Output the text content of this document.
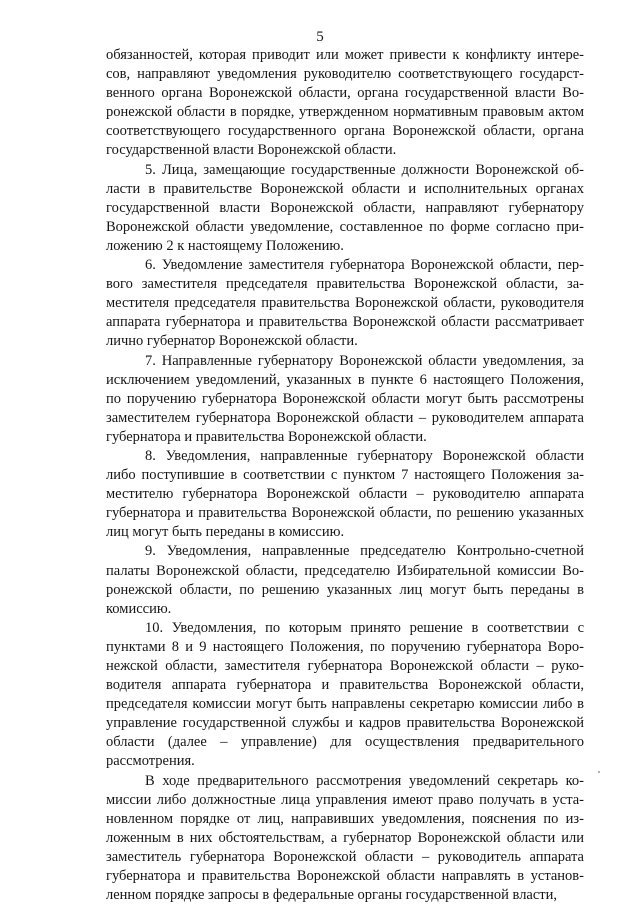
5

обязанностей, которая приводит или может привести к конфликту интересов, направляют уведомления руководителю соответствующего государственного органа Воронежской области, органа государственной власти Воронежской области в порядке, утвержденном нормативным правовым актом соответствующего государственного органа Воронежской области, органа государственной власти Воронежской области.

5. Лица, замещающие государственные должности Воронежской области в правительстве Воронежской области и исполнительных органах государственной власти Воронежской области, направляют губернатору Воронежской области уведомление, составленное по форме согласно приложению 2 к настоящему Положению.

6. Уведомление заместителя губернатора Воронежской области, первого заместителя председателя правительства Воронежской области, заместителя председателя правительства Воронежской области, руководителя аппарата губернатора и правительства Воронежской области рассматривает лично губернатор Воронежской области.

7. Направленные губернатору Воронежской области уведомления, за исключением уведомлений, указанных в пункте 6 настоящего Положения, по поручению губернатора Воронежской области могут быть рассмотрены заместителем губернатора Воронежской области – руководителем аппарата губернатора и правительства Воронежской области.

8. Уведомления, направленные губернатору Воронежской области либо поступившие в соответствии с пунктом 7 настоящего Положения заместителю губернатора Воронежской области – руководителю аппарата губернатора и правительства Воронежской области, по решению указанных лиц могут быть переданы в комиссию.

9. Уведомления, направленные председателю Контрольно-счетной палаты Воронежской области, председателю Избирательной комиссии Воронежской области, по решению указанных лиц могут быть переданы в комиссию.

10. Уведомления, по которым принято решение в соответствии с пунктами 8 и 9 настоящего Положения, по поручению губернатора Воронежской области, заместителя губернатора Воронежской области – руководителя аппарата губернатора и правительства Воронежской области, председателя комиссии могут быть направлены секретарю комиссии либо в управление государственной службы и кадров правительства Воронежской области (далее – управление) для осуществления предварительного рассмотрения.

В ходе предварительного рассмотрения уведомлений секретарь комиссии либо должностные лица управления имеют право получать в установленном порядке от лиц, направивших уведомления, пояснения по изложенным в них обстоятельствам, а губернатор Воронежской области или заместитель губернатора Воронежской области – руководитель аппарата губернатора и правительства Воронежской области направлять в установленном порядке запросы в федеральные органы государственной власти,
